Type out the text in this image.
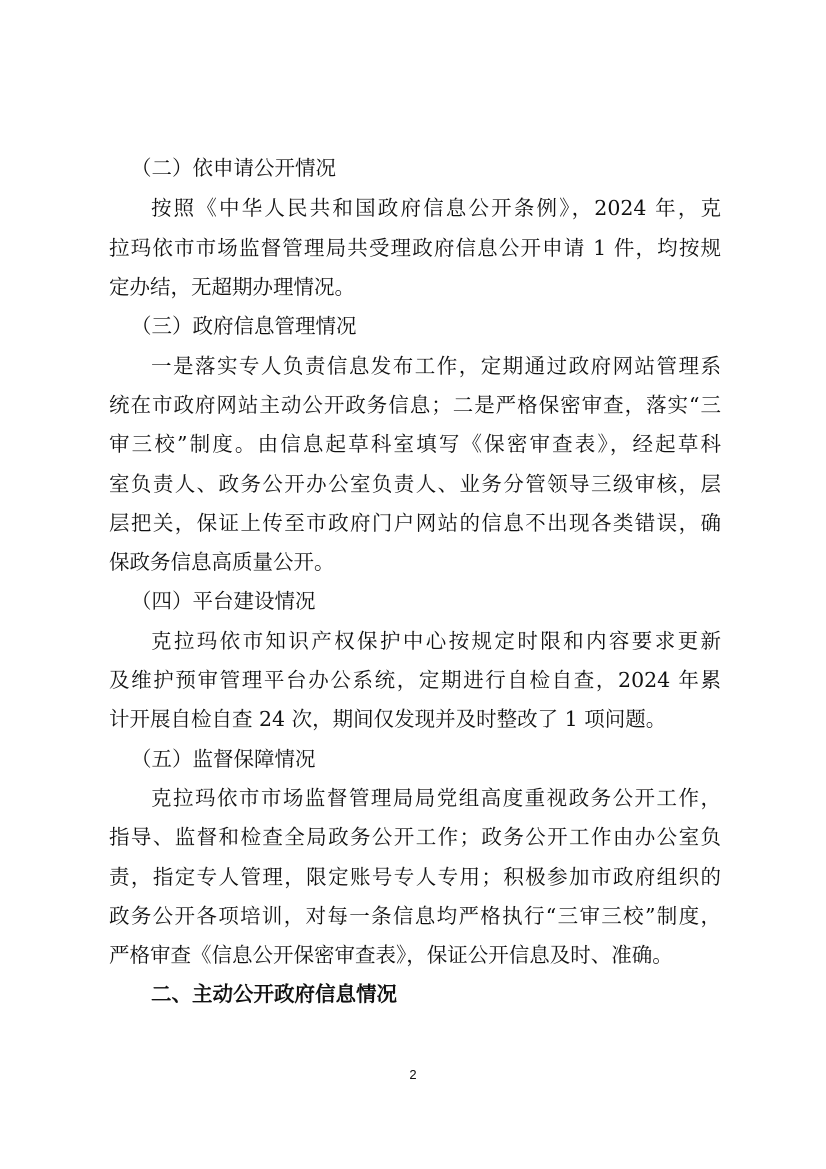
（二）依申请公开情况
按照《中华人民共和国政府信息公开条例》，2024 年，克
拉玛依市市场监督管理局共受理政府信息公开申请 1 件，均按规
定办结，无超期办理情况。
（三）政府信息管理情况
一是落实专人负责信息发布工作，定期通过政府网站管理系
统在市政府网站主动公开政务信息；二是严格保密审查，落实“三
审三校”制度。由信息起草科室填写《保密审查表》，经起草科
室负责人、政务公开办公室负责人、业务分管领导三级审核，层
层把关，保证上传至市政府门户网站的信息不出现各类错误，确
保政务信息高质量公开。
（四）平台建设情况
克拉玛依市知识产权保护中心按规定时限和内容要求更新
及维护预审管理平台办公系统，定期进行自检自查，2024 年累
计开展自检自查 24 次，期间仅发现并及时整改了 1 项问题。
（五）监督保障情况
克拉玛依市市场监督管理局局党组高度重视政务公开工作，
指导、监督和检查全局政务公开工作；政务公开工作由办公室负
责，指定专人管理，限定账号专人专用；积极参加市政府组织的
政务公开各项培训，对每一条信息均严格执行“三审三校”制度，
严格审查《信息公开保密审查表》，保证公开信息及时、准确。
二、主动公开政府信息情况
2
